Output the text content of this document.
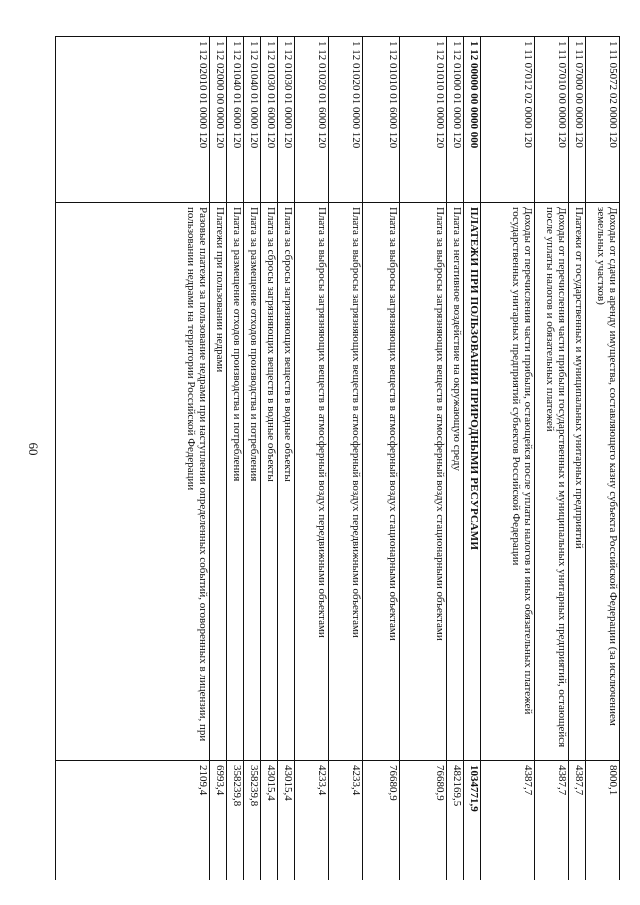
60
1 11 05072 02 0000 120	Доходы от сдачи в аренду имущества, составляющего казну субъекта Российской Федерации (за исключением земельных участков)	8000,1
1 11 07000 00 0000 120	Платежи от государственных и муниципальных унитарных предприятий	4387,7
1 11 07010 00 0000 120	Доходы от перечисления части прибыли государственных и муниципальных унитарных предприятий, остающейся после уплаты налогов и обязательных платежей	4387,7
1 11 07012 02 0000 120	Доходы от перечисления части прибыли, остающейся после уплаты налогов и иных обязательных платежей государственных унитарных предприятий субъектов Российской Федерации	4387,7
1 12 00000 00 0000 000	ПЛАТЕЖИ ПРИ ПОЛЬЗОВАНИИ ПРИРОДНЫМИ РЕСУРСАМИ	1034771,9
1 12 01000 01 0000 120	Плата за негативное воздействие на окружающую среду	482169,5
1 12 01010 01 0000 120	Плата за выбросы загрязняющих веществ в атмосферный воздух стационарными объектами	76680,9
1 12 01010 01 6000 120	Плата за выбросы загрязняющих веществ в атмосферный воздух стационарными объектами	76680,9
1 12 01020 01 0000 120	Плата за выбросы загрязняющих веществ в атмосферный воздух передвижными объектами	4233,4
1 12 01020 01 6000 120	Плата за выбросы загрязняющих веществ в атмосферный воздух передвижными объектами	4233,4
1 12 01030 01 0000 120	Плата за сбросы загрязняющих веществ в водные объекты	43015,4
1 12 01030 01 6000 120	Плата за сбросы загрязняющих веществ в водные объекты	43015,4
1 12 01040 01 0000 120	Плата за размещение отходов производства и потребления	358239,8
1 12 01040 01 6000 120	Плата за размещение отходов производства и потребления	358239,8
1 12 02000 00 0000 120	Платежи при пользовании недрами	6993,4
1 12 02010 01 0000 120	Разовые платежи за пользование недрами при наступлении определенных событий, оговоренных в лицензии, при пользовании недрами на территории Российской Федерации	2109,4
